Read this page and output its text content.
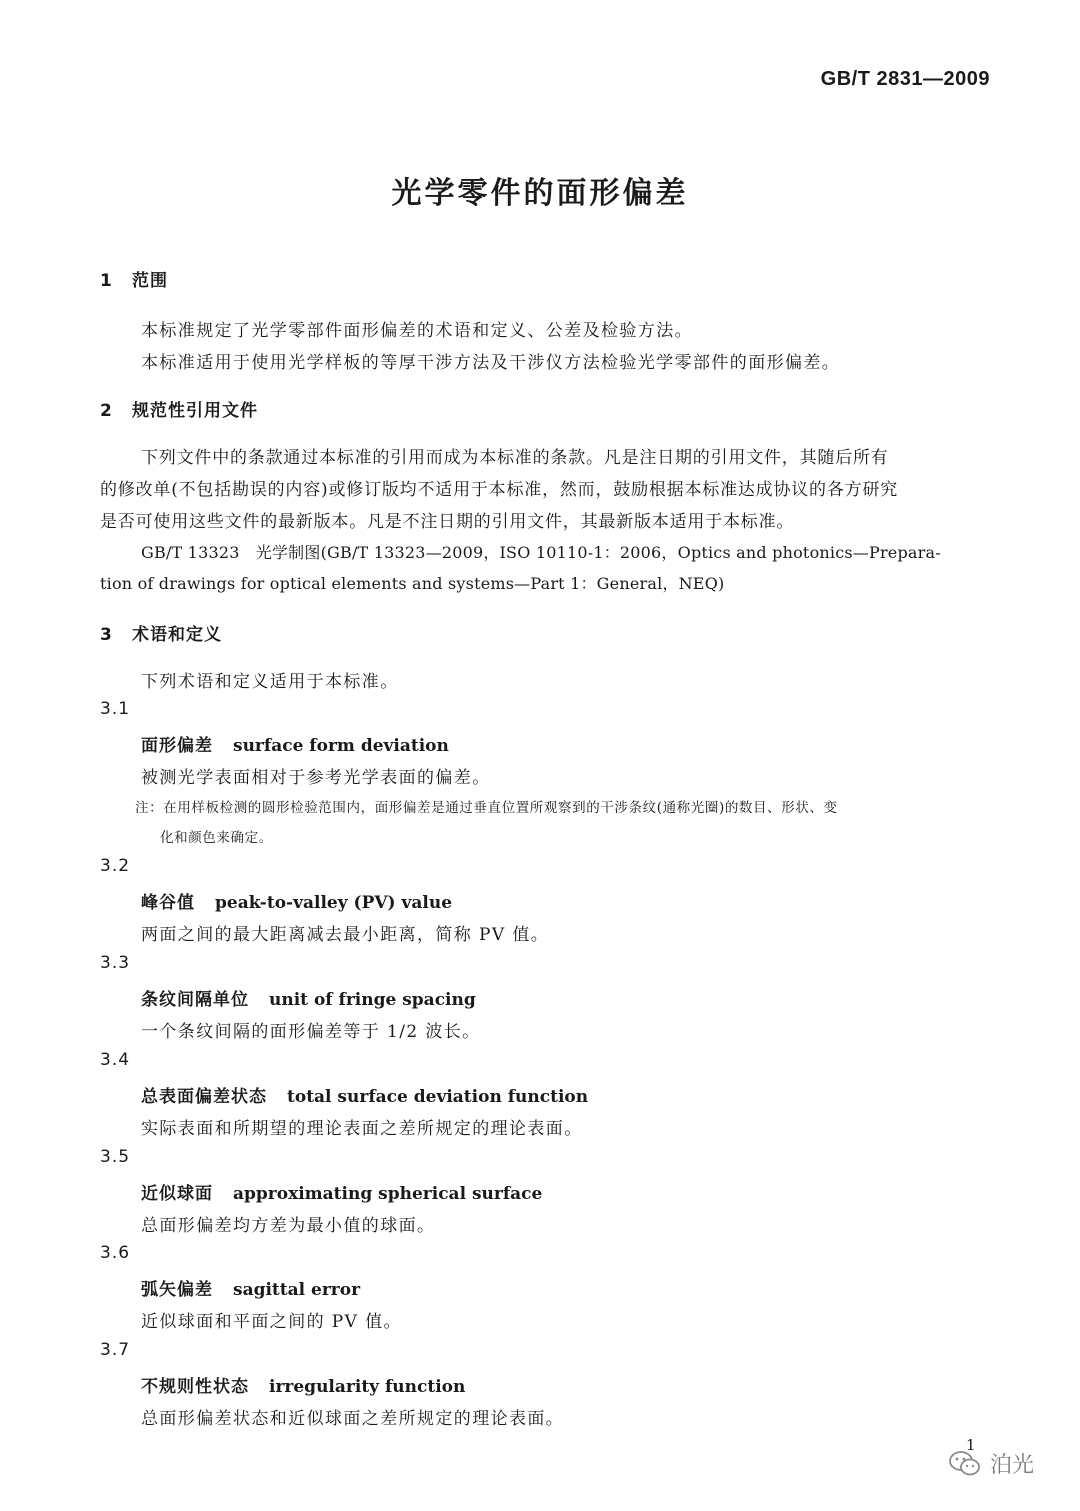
GB/T 2831—2009
光学零件的面形偏差
1 范围
本标准规定了光学零部件面形偏差的术语和定义、公差及检验方法。
本标准适用于使用光学样板的等厚干涉方法及干涉仪方法检验光学零部件的面形偏差。
2 规范性引用文件
下列文件中的条款通过本标准的引用而成为本标准的条款。凡是注日期的引用文件，其随后所有
的修改单(不包括勘误的内容)或修订版均不适用于本标准，然而，鼓励根据本标准达成协议的各方研究
是否可使用这些文件的最新版本。凡是不注日期的引用文件，其最新版本适用于本标准。
GB/T 13323　光学制图(GB/T 13323—2009，ISO 10110-1：2006，Optics and photonics—Prepara-
tion of drawings for optical elements and systems—Part 1：General，NEQ)
3 术语和定义
下列术语和定义适用于本标准。
3.1
面形偏差 surface form deviation
被测光学表面相对于参考光学表面的偏差。
注：在用样板检测的圆形检验范围内，面形偏差是通过垂直位置所观察到的干涉条纹(通称光圈)的数目、形状、变
化和颜色来确定。
3.2
峰谷值 peak-to-valley (PV) value
两面之间的最大距离减去最小距离，简称 PV 值。
3.3
条纹间隔单位 unit of fringe spacing
一个条纹间隔的面形偏差等于 1/2 波长。
3.4
总表面偏差状态 total surface deviation function
实际表面和所期望的理论表面之差所规定的理论表面。
3.5
近似球面 approximating spherical surface
总面形偏差均方差为最小值的球面。
3.6
弧矢偏差 sagittal error
近似球面和平面之间的 PV 值。
3.7
不规则性状态 irregularity function
总面形偏差状态和近似球面之差所规定的理论表面。
1
泊光
